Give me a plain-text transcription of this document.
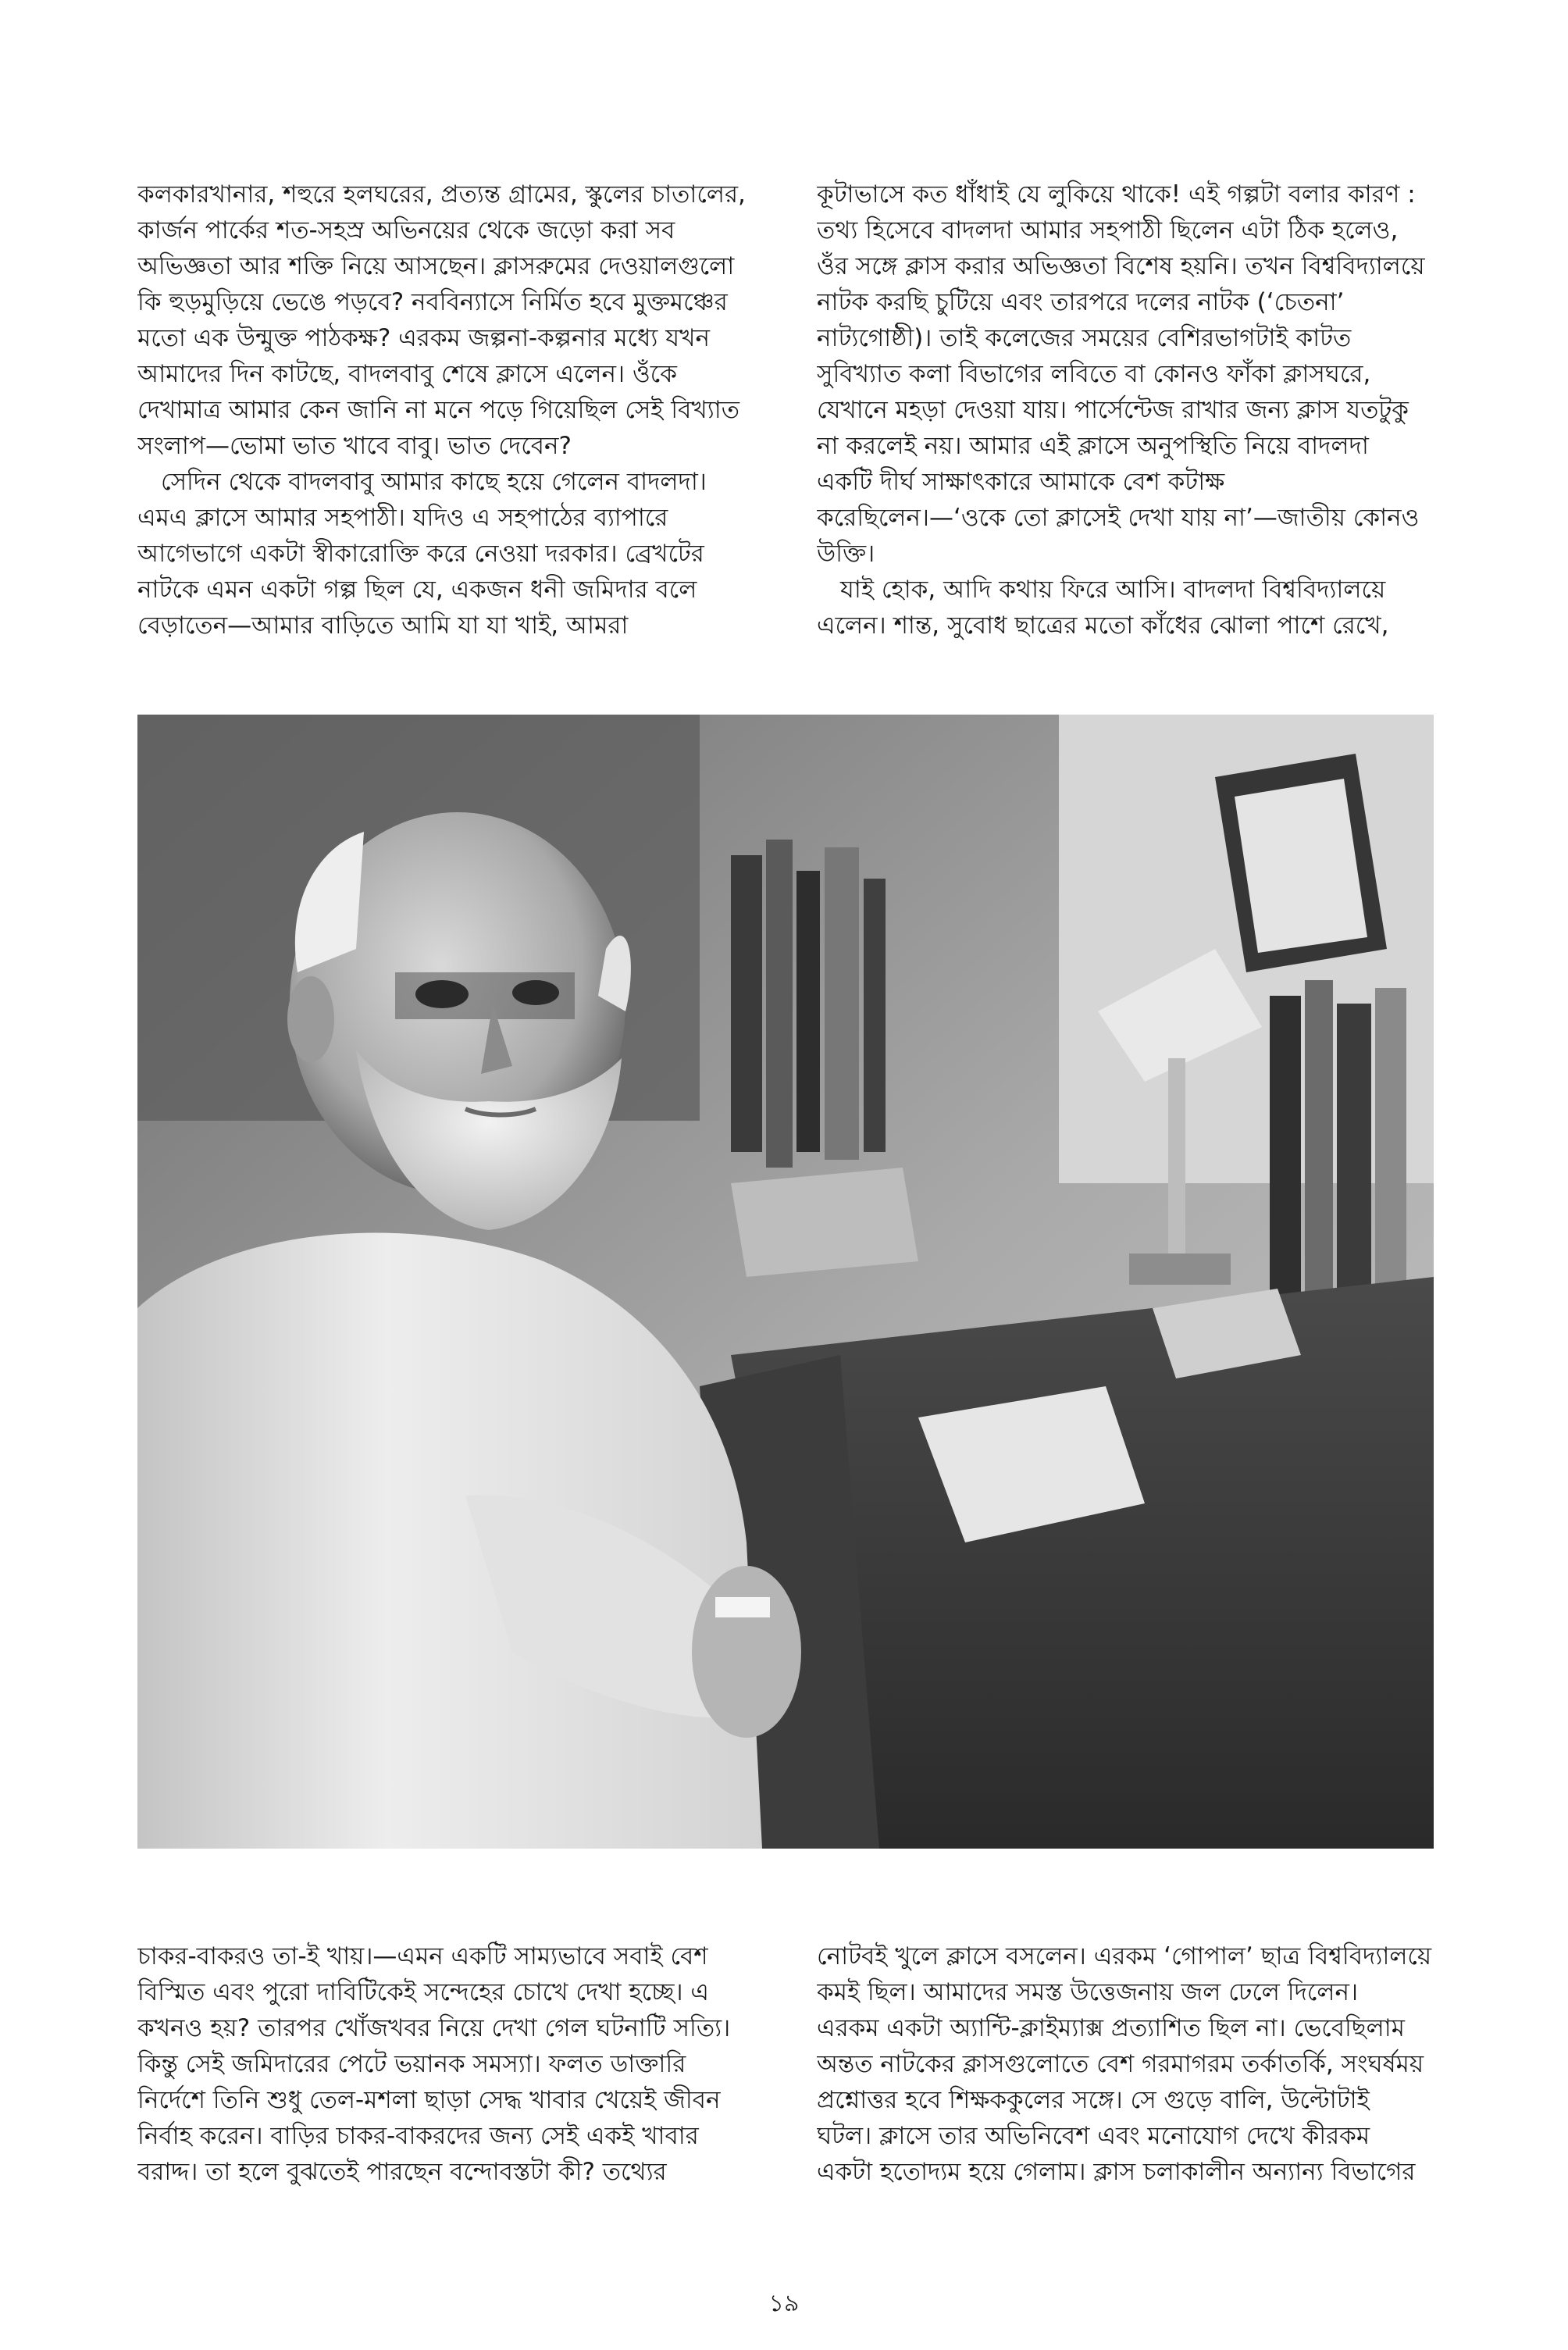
কলকারখানার, শহুরে হলঘরের, প্রত্যন্ত গ্রামের, স্কুলের চাতালের,
কার্জন পার্কের শত-সহস্র অভিনয়ের থেকে জড়ো করা সব
অভিজ্ঞতা আর শক্তি নিয়ে আসছেন। ক্লাসরুমের দেওয়ালগুলো
কি হুড়মুড়িয়ে ভেঙে পড়বে? নববিন্যাসে নির্মিত হবে মুক্তমঞ্চের
মতো এক উন্মুক্ত পাঠকক্ষ? এরকম জল্পনা-কল্পনার মধ্যে যখন
আমাদের দিন কাটছে, বাদলবাবু শেষে ক্লাসে এলেন। ওঁকে
দেখামাত্র আমার কেন জানি না মনে পড়ে গিয়েছিল সেই বিখ্যাত
সংলাপ—ভোমা ভাত খাবে বাবু। ভাত দেবেন?
সেদিন থেকে বাদলবাবু আমার কাছে হয়ে গেলেন বাদলদা।
এমএ ক্লাসে আমার সহপাঠী। যদিও এ সহপাঠের ব্যাপারে
আগেভাগে একটা স্বীকারোক্তি করে নেওয়া দরকার। ব্রেখটের
নাটকে এমন একটা গল্প ছিল যে, একজন ধনী জমিদার বলে
বেড়াতেন—আমার বাড়িতে আমি যা যা খাই, আমরা
কূটাভাসে কত ধাঁধাই যে লুকিয়ে থাকে! এই গল্পটা বলার কারণ :
তথ্য হিসেবে বাদলদা আমার সহপাঠী ছিলেন এটা ঠিক হলেও,
ওঁর সঙ্গে ক্লাস করার অভিজ্ঞতা বিশেষ হয়নি। তখন বিশ্ববিদ্যালয়ে
নাটক করছি চুটিয়ে এবং তারপরে দলের নাটক (‘চেতনা’
নাট্যগোষ্ঠী)। তাই কলেজের সময়ের বেশিরভাগটাই কাটত
সুবিখ্যাত কলা বিভাগের লবিতে বা কোনও ফাঁকা ক্লাসঘরে,
যেখানে মহড়া দেওয়া যায়। পার্সেন্টেজ রাখার জন্য ক্লাস যতটুকু
না করলেই নয়। আমার এই ক্লাসে অনুপস্থিতি নিয়ে বাদলদা
একটি দীর্ঘ সাক্ষাৎকারে আমাকে বেশ কটাক্ষ
করেছিলেন।—‘ওকে তো ক্লাসেই দেখা যায় না’—জাতীয় কোনও
উক্তি।
যাই হোক, আদি কথায় ফিরে আসি। বাদলদা বিশ্ববিদ্যালয়ে
এলেন। শান্ত, সুবোধ ছাত্রের মতো কাঁধের ঝোলা পাশে রেখে,
চাকর-বাকরও তা-ই খায়।—এমন একটি সাম্যভাবে সবাই বেশ
বিস্মিত এবং পুরো দাবিটিকেই সন্দেহের চোখে দেখা হচ্ছে। এ
কখনও হয়? তারপর খোঁজখবর নিয়ে দেখা গেল ঘটনাটি সত্যি।
কিন্তু সেই জমিদারের পেটে ভয়ানক সমস্যা। ফলত ডাক্তারি
নির্দেশে তিনি শুধু তেল-মশলা ছাড়া সেদ্ধ খাবার খেয়েই জীবন
নির্বাহ করেন। বাড়ির চাকর-বাকরদের জন্য সেই একই খাবার
বরাদ্দ। তা হলে বুঝতেই পারছেন বন্দোবস্তটা কী? তথ্যের
নোটবই খুলে ক্লাসে বসলেন। এরকম ‘গোপাল’ ছাত্র বিশ্ববিদ্যালয়ে
কমই ছিল। আমাদের সমস্ত উত্তেজনায় জল ঢেলে দিলেন।
এরকম একটা অ্যান্টি-ক্লাইম্যাক্স প্রত্যাশিত ছিল না। ভেবেছিলাম
অন্তত নাটকের ক্লাসগুলোতে বেশ গরমাগরম তর্কাতর্কি, সংঘর্ষময়
প্রশ্নোত্তর হবে শিক্ষককুলের সঙ্গে। সে গুড়ে বালি, উল্টোটাই
ঘটল। ক্লাসে তার অভিনিবেশ এবং মনোযোগ দেখে কীরকম
একটা হতোদ্যম হয়ে গেলাম। ক্লাস চলাকালীন অন্যান্য বিভাগের
১৯
